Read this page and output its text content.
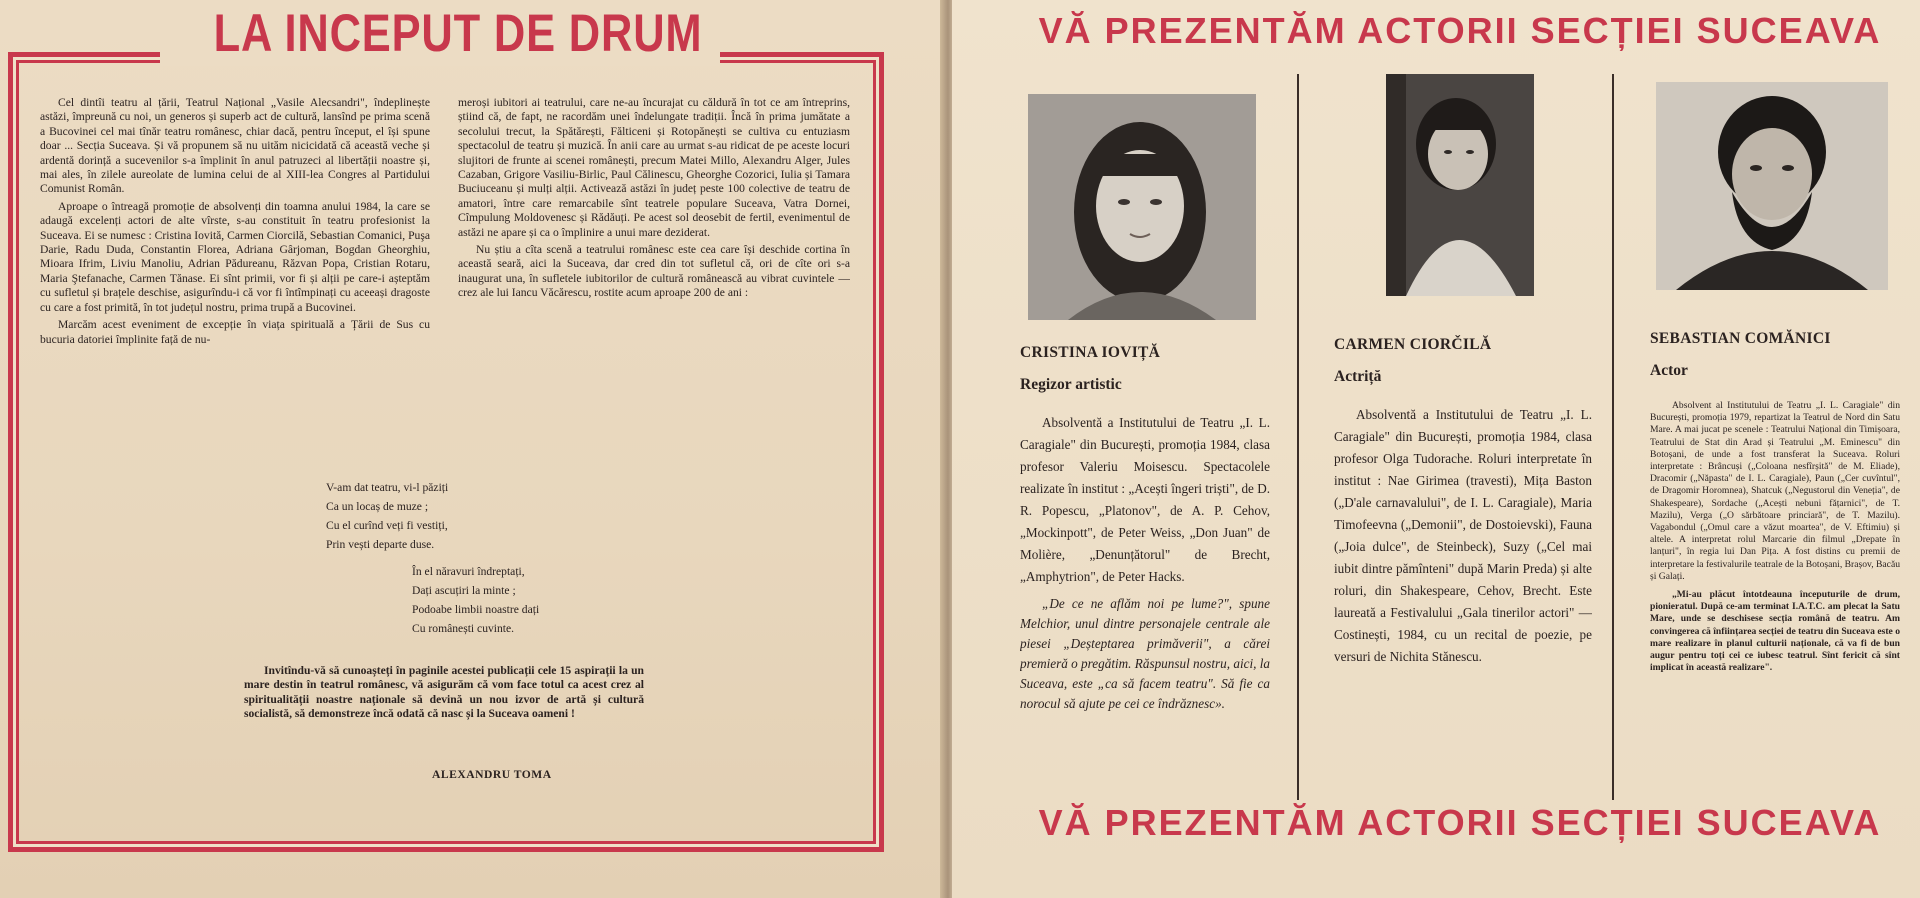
LA INCEPUT DE DRUM

Cel dintîi teatru al țării, Teatrul Național „Vasile Alecsandri", îndeplinește astăzi, împreună cu noi, un generos și superb act de cultură, lansînd pe prima scenă a Bucovinei cel mai tînăr teatru românesc, chiar dacă, pentru început, el își spune doar ... Secția Suceava. Și vă propunem să nu uităm nicicidată că această veche și ardentă dorință a sucevenilor s-a împlinit în anul patruzeci al libertății noastre și, mai ales, în zilele aureolate de lumina celui de al XIII-lea Congres al Partidului Comunist Român.

Aproape o întreagă promoție de absolvenți din toamna anului 1984, la care se adaugă excelenți actori de alte vîrste, s-au constituit în teatru profesionist la Suceava. Ei se numesc : Cristina Iovită, Carmen Ciorcilă, Sebastian Comanici, Puşa Darie, Radu Duda, Constantin Florea, Adriana Gârjoman, Bogdan Gheorghiu, Mioara Ifrim, Liviu Manoliu, Adrian Pădureanu, Răzvan Popa, Cristian Rotaru, Maria Ştefanache, Carmen Tănase. Ei sînt primii, vor fi și alții pe care-i așteptăm cu sufletul și brațele deschise, asigurîndu-i că vor fi întîmpinați cu aceeași dragoste cu care a fost primită, în tot județul nostru, prima trupă a Bucovinei.

Marcăm acest eveniment de excepție în viața spirituală a Țării de Sus cu bucuria datoriei împlinite față de nu-

meroși iubitori ai teatrului, care ne-au încurajat cu căldură în tot ce am întreprins, știind că, de fapt, ne racordăm unei îndelungate tradiții. Încă în prima jumătate a secolului trecut, la Spătărești, Fălticeni și Rotopănești se cultiva cu entuziasm spectacolul de teatru și muzică. În anii care au urmat s-au ridicat de pe aceste locuri slujitori de frunte ai scenei românești, precum Matei Millo, Alexandru Alger, Jules Cazaban, Grigore Vasiliu-Birlic, Paul Călinescu, Gheorghe Cozorici, Iulia și Tamara Buciuceanu și mulți alții. Activează astăzi în județ peste 100 colective de teatru de amatori, între care remarcabile sînt teatrele populare Suceava, Vatra Dornei, Cîmpulung Moldovenesc și Rădăuți. Pe acest sol deosebit de fertil, evenimentul de astăzi ne apare și ca o împlinire a unui mare deziderat.

Nu știu a cîta scenă a teatrului românesc este cea care își deschide cortina în această seară, aici la Suceava, dar cred din tot sufletul că, ori de cîte ori s-a inaugurat una, în sufletele iubitorilor de cultură românească au vibrat cuvintele — crez ale lui Iancu Văcărescu, rostite acum aproape 200 de ani :

V-am dat teatru, vi-l păziți
Ca un locaș de muze ;
Cu el curînd veți fi vestiți,
Prin vești departe duse.
În el năravuri îndreptați,
Dați ascuțiri la minte ;
Podoabe limbii noastre dați
Cu românești cuvinte.

Invitîndu-vă să cunoașteți în paginile acestei publicații cele 15 aspirații la un mare destin în teatrul românesc, vă asigurăm că vom face totul ca acest crez al spiritualității noastre naționale să devină un nou izvor de artă și cultură socialistă, să demonstreze încă odată că nasc și la Suceava oameni !

ALEXANDRU TOMA
VĂ PREZENTĂM ACTORII SECȚIEI SUCEAVA
CRISTINA IOVIȚĂ
Regizor artistic

Absolventă a Institutului de Teatru „I. L. Caragiale" din București, promoția 1984, clasa profesor Valeriu Moisescu. Spectacolele realizate în institut : „Acești îngeri triști", de D. R. Popescu, „Platonov", de A. P. Cehov, „Mockinpott", de Peter Weiss, „Don Juan" de Molière, „Denunțătorul" de Brecht, „Amphytrion", de Peter Hacks.

„De ce ne aflăm noi pe lume?", spune Melchior, unul dintre personajele centrale ale piesei „Deșteptarea primăverii", a cărei premieră o pregătim. Răspunsul nostru, aici, la Suceava, este „ca să facem teatru". Să fie ca norocul să ajute pe cei ce îndrăznesc».

CARMEN CIORČILĂ
Actriță

Absolventă a Institutului de Teatru „I. L. Caragiale" din București, promoția 1984, clasa profesor Olga Tudorache. Roluri interpretate în institut : Nae Girimea (travesti), Mița Baston („D'ale carnavalului", de I. L. Caragiale), Maria Timofeevna („Demonii", de Dostoievski), Fauna („Joia dulce", de Steinbeck), Suzy („Cel mai iubit dintre pămînteni" după Marin Preda) și alte roluri, din Shakespeare, Cehov, Brecht. Este laureată a Festivalului „Gala tinerilor actori" — Costinești, 1984, cu un recital de poezie, pe versuri de Nichita Stănescu.

SEBASTIAN COMĂNICI
Actor

Absolvent al Institutului de Teatru „I. L. Caragiale" din București, promoția 1979, repartizat la Teatrul de Nord din Satu Mare. A mai jucat pe scenele : Teatrului Național din Timișoara, Teatrului de Stat din Arad și Teatrului „M. Eminescu" din Botoșani, de unde a fost transferat la Suceava. Roluri interpretate : Brâncuși („Coloana nesfîrșită" de M. Eliade), Dracomir („Năpasta" de I. L. Caragiale), Paun („Cer cuvîntul", de Dragomir Horomnea), Shatcuk („Negustorul din Veneția", de Shakespeare), Sordache („Acești nebuni fățarnici", de T. Mazilu), Verga („O sărbătoare princiară", de T. Mazilu). Vagabondul („Omul care a văzut moartea", de V. Eftimiu) și altele. A interpretat rolul Marcarie din filmul „Drepate în lanțuri", în regia lui Dan Pița. A fost distins cu premii de interpretare la festivalurile teatrale de la Botoșani, Brașov, Bacău și Galați.

„Mi-au plăcut întotdeauna începuturile de drum, pionieratul. După ce-am terminat I.A.T.C. am plecat la Satu Mare, unde se deschisese secția română de teatru. Am convingerea că înființarea secției de teatru din Suceava este o mare realizare în planul culturii naționale, că va fi de bun augur pentru toți cei ce iubesc teatrul. Sînt fericit că sînt implicat în această realizare".

VĂ PREZENTĂM ACTORII SECȚIEI SUCEAVA
